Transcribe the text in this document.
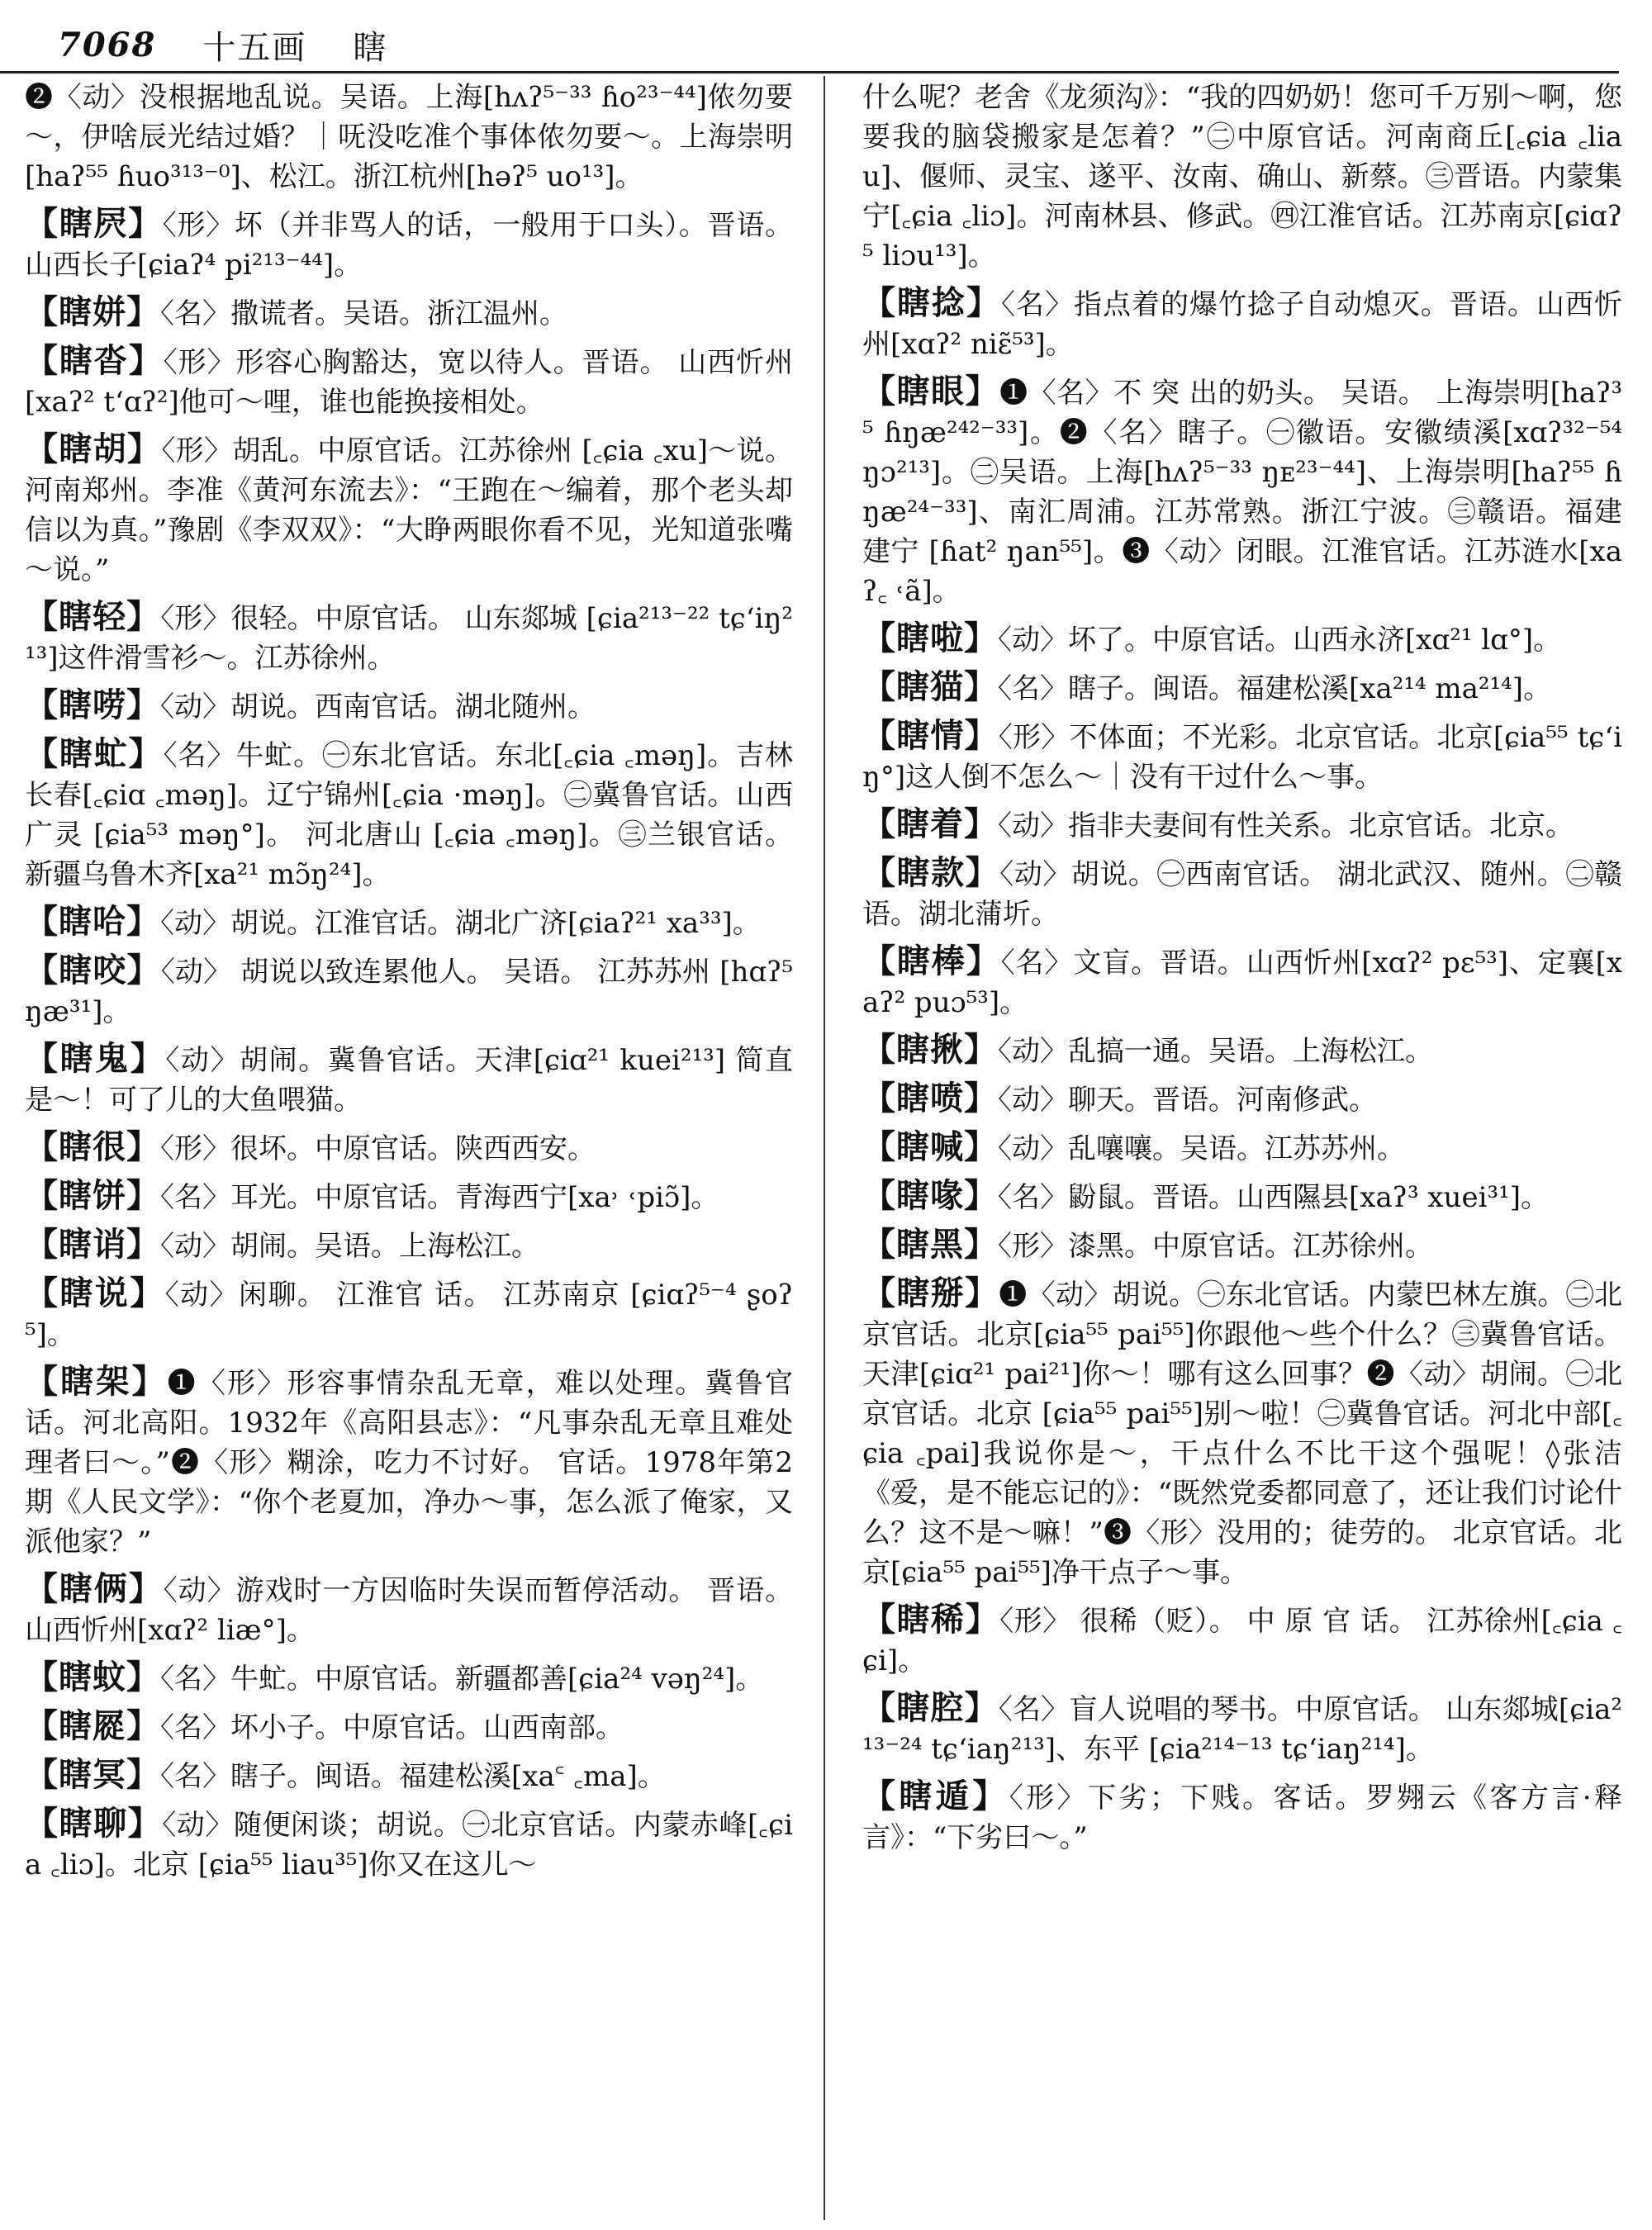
7068 十五画 瞎

❷〈动〉没根据地乱说。吴语。上海[hʌʔ⁵⁻³³ ɦo²³⁻⁴⁴]侬勿要～，伊啥辰光结过婚？｜呒没吃准个事体侬勿要～。上海崇明 [haʔ⁵⁵ ɦuo³¹³⁻⁰]、松江。浙江杭州[həʔ⁵ uo¹³]。

【瞎屄】〈形〉坏（并非骂人的话，一般用于口头）。晋语。山西长子[ɕiaʔ⁴ pi²¹³⁻⁴⁴]。

【瞎姘】〈名〉撒谎者。吴语。浙江温州。

【瞎沓】〈形〉形容心胸豁达，宽以待人。晋语。 山西忻州[xaʔ² tʻɑʔ²]他可～哩，谁也能换接相处。

【瞎胡】〈形〉胡乱。中原官话。江苏徐州 [꜀ɕia ꜀xu]～说。河南郑州。李准《黄河东流去》：“王跑在～编着，那个老头却信以为真。”豫剧《李双双》：“大睁两眼你看不见，光知道张嘴～说。”

【瞎轻】〈形〉很轻。中原官话。 山东郯城 [ɕia²¹³⁻²² tɕʻiŋ²¹³]这件滑雪衫～。江苏徐州。

【瞎唠】〈动〉胡说。西南官话。湖北随州。

【瞎虻】〈名〉牛虻。㊀东北官话。东北[꜀ɕia ꜀məŋ]。吉林长春[꜀ɕiɑ ꜀məŋ]。辽宁锦州[꜀ɕia ·məŋ]。㊁冀鲁官话。山西广灵 [ɕia⁵³ məŋ°]。 河北唐山 [꜀ɕia ꜀məŋ]。㊂兰银官话。新疆乌鲁木齐[xa²¹ mɔ̃ŋ²⁴]。

【瞎哈】〈动〉胡说。江淮官话。湖北广济[ɕiaʔ²¹ xa³³]。

【瞎咬】〈动〉 胡说以致连累他人。 吴语。 江苏苏州 [hɑʔ⁵ ŋæ³¹]。

【瞎鬼】〈动〉胡闹。冀鲁官话。天津[ɕiɑ²¹ kuei²¹³] 简直是～！可了儿的大鱼喂猫。

【瞎很】〈形〉很坏。中原官话。陕西西安。

【瞎饼】〈名〉耳光。中原官话。青海西宁[xa˒ ˓piɔ̃]。

【瞎诮】〈动〉胡闹。吴语。上海松江。

【瞎说】〈动〉闲聊。 江淮官 话。 江苏南京 [ɕiɑʔ⁵⁻⁴ ʂoʔ⁵]。

【瞎架】❶〈形〉形容事情杂乱无章，难以处理。冀鲁官话。河北高阳。1932年《高阳县志》：“凡事杂乱无章且难处理者曰～。”❷〈形〉糊涂，吃力不讨好。 官话。1978年第2期《人民文学》：“你个老夏加，净办～事，怎么派了俺家，又派他家？”

【瞎俩】〈动〉游戏时一方因临时失误而暂停活动。 晋语。山西忻州[xɑʔ² liæ°]。

【瞎蚊】〈名〉牛虻。中原官话。新疆都善[ɕia²⁴ vəŋ²⁴]。

【瞎㞞】〈名〉坏小子。中原官话。山西南部。

【瞎冥】〈名〉瞎子。闽语。福建松溪[xa꜂ ꜀ma]。

【瞎聊】〈动〉随便闲谈；胡说。㊀北京官话。内蒙赤峰[꜀ɕia ꜀liɔ]。北京 [ɕia⁵⁵ liau³⁵]你又在这儿～

什么呢？老舍《龙须沟》：“我的四奶奶！您可千万别～啊，您要我的脑袋搬家是怎着？”㊁中原官话。河南商丘[꜀ɕia ꜀liau]、偃师、灵宝、遂平、汝南、确山、新蔡。㊂晋语。内蒙集宁[꜀ɕia ꜀liɔ]。河南林县、修武。㊃江淮官话。江苏南京[ɕiɑʔ⁵ liɔu¹³]。

【瞎捻】〈名〉指点着的爆竹捻子自动熄灭。晋语。山西忻州[xɑʔ² niɛ̃⁵³]。

【瞎眼】❶〈名〉不 突 出的奶头。 吴语。 上海崇明[haʔ³⁵ ɦŋæ²⁴²⁻³³]。❷〈名〉瞎子。㊀徽语。安徽绩溪[xɑʔ³²⁻⁵⁴ ŋɔ²¹³]。㊁吴语。上海[hʌʔ⁵⁻³³ ŋᴇ²³⁻⁴⁴]、上海崇明[haʔ⁵⁵ ɦŋæ²⁴⁻³³]、南汇周浦。江苏常熟。浙江宁波。㊂赣语。福建建宁 [ɦat² ŋan⁵⁵]。❸〈动〉闭眼。江淮官话。江苏涟水[xaʔ꜀ ˓ã]。

【瞎啦】〈动〉坏了。中原官话。山西永济[xɑ²¹ lɑ°]。

【瞎猫】〈名〉瞎子。闽语。福建松溪[xa²¹⁴ ma²¹⁴]。

【瞎情】〈形〉不体面；不光彩。北京官话。北京[ɕia⁵⁵ tɕʻiŋ°]这人倒不怎么～｜没有干过什么～事。

【瞎着】〈动〉指非夫妻间有性关系。北京官话。北京。

【瞎款】〈动〉胡说。㊀西南官话。 湖北武汉、随州。㊁赣语。湖北蒲圻。

【瞎棒】〈名〉文盲。晋语。山西忻州[xɑʔ² pɛ⁵³]、定襄[xaʔ² puɔ⁵³]。

【瞎揪】〈动〉乱搞一通。吴语。上海松江。

【瞎喷】〈动〉聊天。晋语。河南修武。

【瞎喊】〈动〉乱嚷嚷。吴语。江苏苏州。

【瞎喙】〈名〉鼢鼠。晋语。山西隰县[xaʔ³ xuei³¹]。

【瞎黑】〈形〉漆黑。中原官话。江苏徐州。

【瞎掰】❶〈动〉胡说。㊀东北官话。内蒙巴林左旗。㊁北京官话。北京[ɕia⁵⁵ pai⁵⁵]你跟他～些个什么？㊂冀鲁官话。天津[ɕiɑ²¹ pai²¹]你～！哪有这么回事？❷〈动〉胡闹。㊀北京官话。北京 [ɕia⁵⁵ pai⁵⁵]别～啦！㊁冀鲁官话。河北中部[꜀ɕia ꜀pai]我说你是～，干点什么不比干这个强呢！◊张洁《爱，是不能忘记的》：“既然党委都同意了，还让我们讨论什么？这不是～嘛！”❸〈形〉没用的；徒劳的。 北京官话。北京[ɕia⁵⁵ pai⁵⁵]净干点子～事。

【瞎稀】〈形〉 很稀（贬）。 中 原 官 话。 江苏徐州[꜀ɕia ꜀ɕi]。

【瞎腔】〈名〉盲人说唱的琴书。中原官话。 山东郯城[ɕia²¹³⁻²⁴ tɕʻiaŋ²¹³]、东平 [ɕia²¹⁴⁻¹³ tɕʻiaŋ²¹⁴]。

【瞎遁】〈形〉下劣；下贱。客话。罗翙云《客方言·释言》：“下劣曰～。”
